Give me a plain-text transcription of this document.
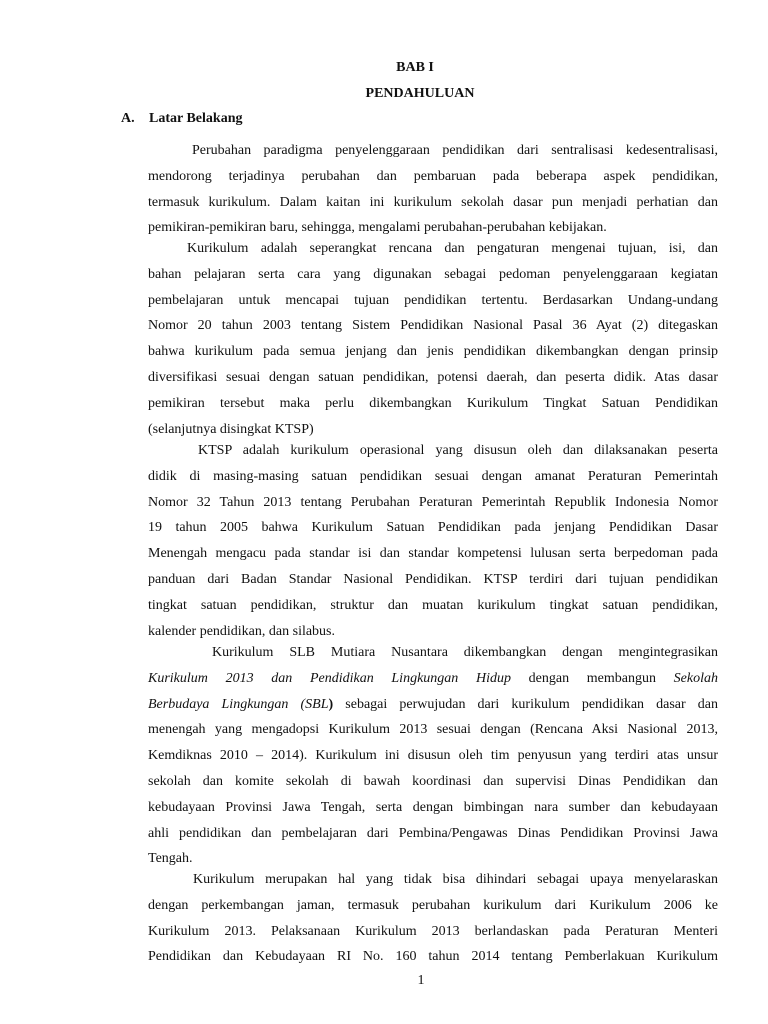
BAB I
PENDAHULUAN
A. Latar Belakang
Perubahan paradigma penyelenggaraan pendidikan dari sentralisasi kedesentralisasi,
mendorong terjadinya perubahan dan pembaruan pada beberapa aspek pendidikan,
termasuk kurikulum. Dalam kaitan ini kurikulum sekolah dasar pun menjadi perhatian dan
pemikiran-pemikiran baru, sehingga, mengalami perubahan-perubahan kebijakan.
Kurikulum adalah seperangkat rencana dan pengaturan mengenai tujuan, isi, dan
bahan pelajaran serta cara yang digunakan sebagai pedoman penyelenggaraan kegiatan
pembelajaran untuk mencapai tujuan pendidikan tertentu. Berdasarkan Undang-undang
Nomor 20 tahun 2003 tentang Sistem Pendidikan Nasional Pasal 36 Ayat (2) ditegaskan
bahwa kurikulum pada semua jenjang dan jenis pendidikan dikembangkan dengan prinsip
diversifikasi sesuai dengan satuan pendidikan, potensi daerah, dan peserta didik. Atas dasar
pemikiran tersebut maka perlu dikembangkan Kurikulum Tingkat Satuan Pendidikan
(selanjutnya disingkat KTSP)
KTSP adalah kurikulum operasional yang disusun oleh dan dilaksanakan peserta
didik di masing-masing satuan pendidikan sesuai dengan amanat Peraturan Pemerintah
Nomor 32 Tahun 2013 tentang Perubahan Peraturan Pemerintah Republik Indonesia Nomor
19 tahun 2005 bahwa Kurikulum Satuan Pendidikan pada jenjang Pendidikan Dasar
Menengah mengacu pada standar isi dan standar kompetensi lulusan serta berpedoman pada
panduan dari Badan Standar Nasional Pendidikan. KTSP terdiri dari tujuan pendidikan
tingkat satuan pendidikan, struktur dan muatan kurikulum tingkat satuan pendidikan,
kalender pendidikan, dan silabus.
Kurikulum SLB Mutiara Nusantara dikembangkan dengan mengintegrasikan
Kurikulum 2013 dan Pendidikan Lingkungan Hidup dengan membangun Sekolah
Berbudaya Lingkungan (SBL) sebagai perwujudan dari kurikulum pendidikan dasar dan
menengah yang mengadopsi Kurikulum 2013 sesuai dengan (Rencana Aksi Nasional 2013,
Kemdiknas 2010 – 2014). Kurikulum ini disusun oleh tim penyusun yang terdiri atas unsur
sekolah dan komite sekolah di bawah koordinasi dan supervisi Dinas Pendidikan dan
kebudayaan Provinsi Jawa Tengah, serta dengan bimbingan nara sumber dan kebudayaan
ahli pendidikan dan pembelajaran dari Pembina/Pengawas Dinas Pendidikan Provinsi Jawa
Tengah.
Kurikulum merupakan hal yang tidak bisa dihindari sebagai upaya menyelaraskan
dengan perkembangan jaman, termasuk perubahan kurikulum dari Kurikulum 2006 ke
Kurikulum 2013. Pelaksanaan Kurikulum 2013 berlandaskan pada Peraturan Menteri
Pendidikan dan Kebudayaan RI No. 160 tahun 2014 tentang Pemberlakuan Kurikulum
1
